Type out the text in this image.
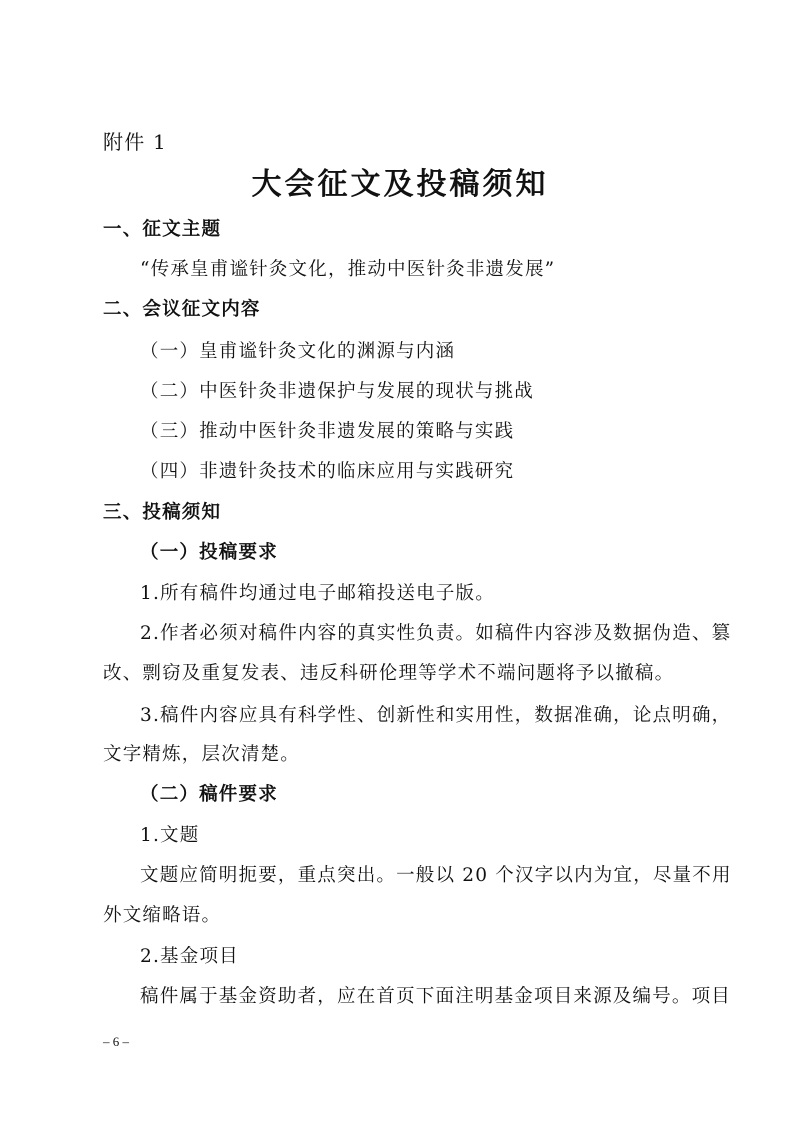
附件 1
大会征文及投稿须知
一、征文主题
“传承皇甫谧针灸文化，推动中医针灸非遗发展”
二、会议征文内容
（一）皇甫谧针灸文化的渊源与内涵
（二）中医针灸非遗保护与发展的现状与挑战
（三）推动中医针灸非遗发展的策略与实践
（四）非遗针灸技术的临床应用与实践研究
三、投稿须知
（一）投稿要求
1.所有稿件均通过电子邮箱投送电子版。
2.作者必须对稿件内容的真实性负责。如稿件内容涉及数据伪造、篡
改、剽窃及重复发表、违反科研伦理等学术不端问题将予以撤稿。
3.稿件内容应具有科学性、创新性和实用性，数据准确，论点明确，
文字精炼，层次清楚。
（二）稿件要求
1.文题
文题应简明扼要，重点突出。一般以 20 个汉字以内为宜，尽量不用
外文缩略语。
2.基金项目
稿件属于基金资助者，应在首页下面注明基金项目来源及编号。项目
– 6 –
